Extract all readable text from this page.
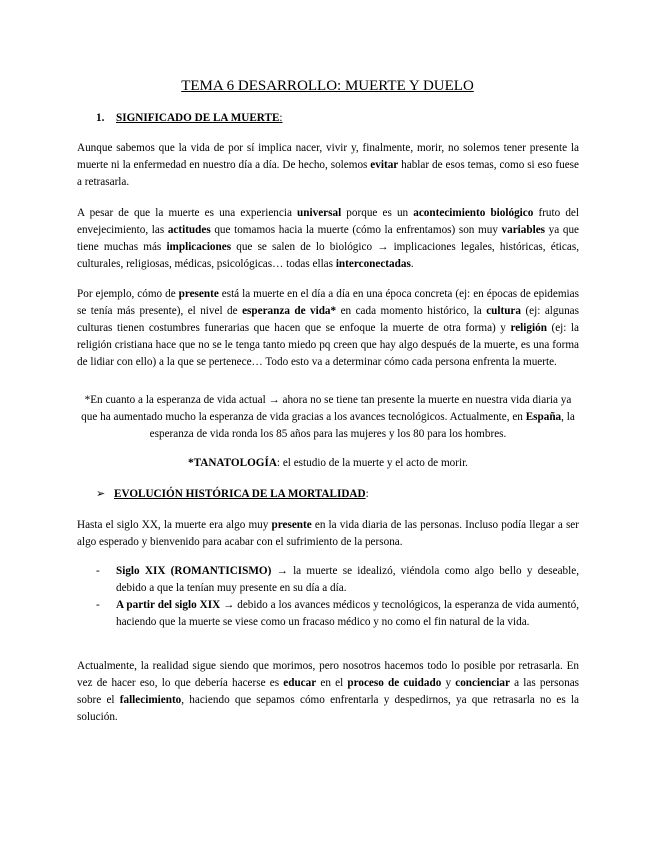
TEMA 6 DESARROLLO: MUERTE Y DUELO
1. SIGNIFICADO DE LA MUERTE:

Aunque sabemos que la vida de por sí implica nacer, vivir y, finalmente, morir, no solemos tener presente la muerte ni la enfermedad en nuestro día a día. De hecho, solemos evitar hablar de esos temas, como si eso fuese a retrasarla.

A pesar de que la muerte es una experiencia universal porque es un acontecimiento biológico fruto del envejecimiento, las actitudes que tomamos hacia la muerte (cómo la enfrentamos) son muy variables ya que tiene muchas más implicaciones que se salen de lo biológico → implicaciones legales, históricas, éticas, culturales, religiosas, médicas, psicológicas… todas ellas interconectadas.

Por ejemplo, cómo de presente está la muerte en el día a día en una época concreta (ej: en épocas de epidemias se tenía más presente), el nivel de esperanza de vida* en cada momento histórico, la cultura (ej: algunas culturas tienen costumbres funerarias que hacen que se enfoque la muerte de otra forma) y religión (ej: la religión cristiana hace que no se le tenga tanto miedo pq creen que hay algo después de la muerte, es una forma de lidiar con ello) a la que se pertenece… Todo esto va a determinar cómo cada persona enfrenta la muerte.

*En cuanto a la esperanza de vida actual → ahora no se tiene tan presente la muerte en nuestra vida diaria ya que ha aumentado mucho la esperanza de vida gracias a los avances tecnológicos. Actualmente, en España, la esperanza de vida ronda los 85 años para las mujeres y los 80 para los hombres.

*TANATOLOGÍA: el estudio de la muerte y el acto de morir.

➢ EVOLUCIÓN HISTÓRICA DE LA MORTALIDAD:

Hasta el siglo XX, la muerte era algo muy presente en la vida diaria de las personas. Incluso podía llegar a ser algo esperado y bienvenido para acabar con el sufrimiento de la persona.

- Siglo XIX (ROMANTICISMO) → la muerte se idealizó, viéndola como algo bello y deseable, debido a que la tenían muy presente en su día a día.
- A partir del siglo XIX → debido a los avances médicos y tecnológicos, la esperanza de vida aumentó, haciendo que la muerte se viese como un fracaso médico y no como el fin natural de la vida.

Actualmente, la realidad sigue siendo que morimos, pero nosotros hacemos todo lo posible por retrasarla. En vez de hacer eso, lo que debería hacerse es educar en el proceso de cuidado y concienciar a las personas sobre el fallecimiento, haciendo que sepamos cómo enfrentarla y despedirnos, ya que retrasarla no es la solución.
